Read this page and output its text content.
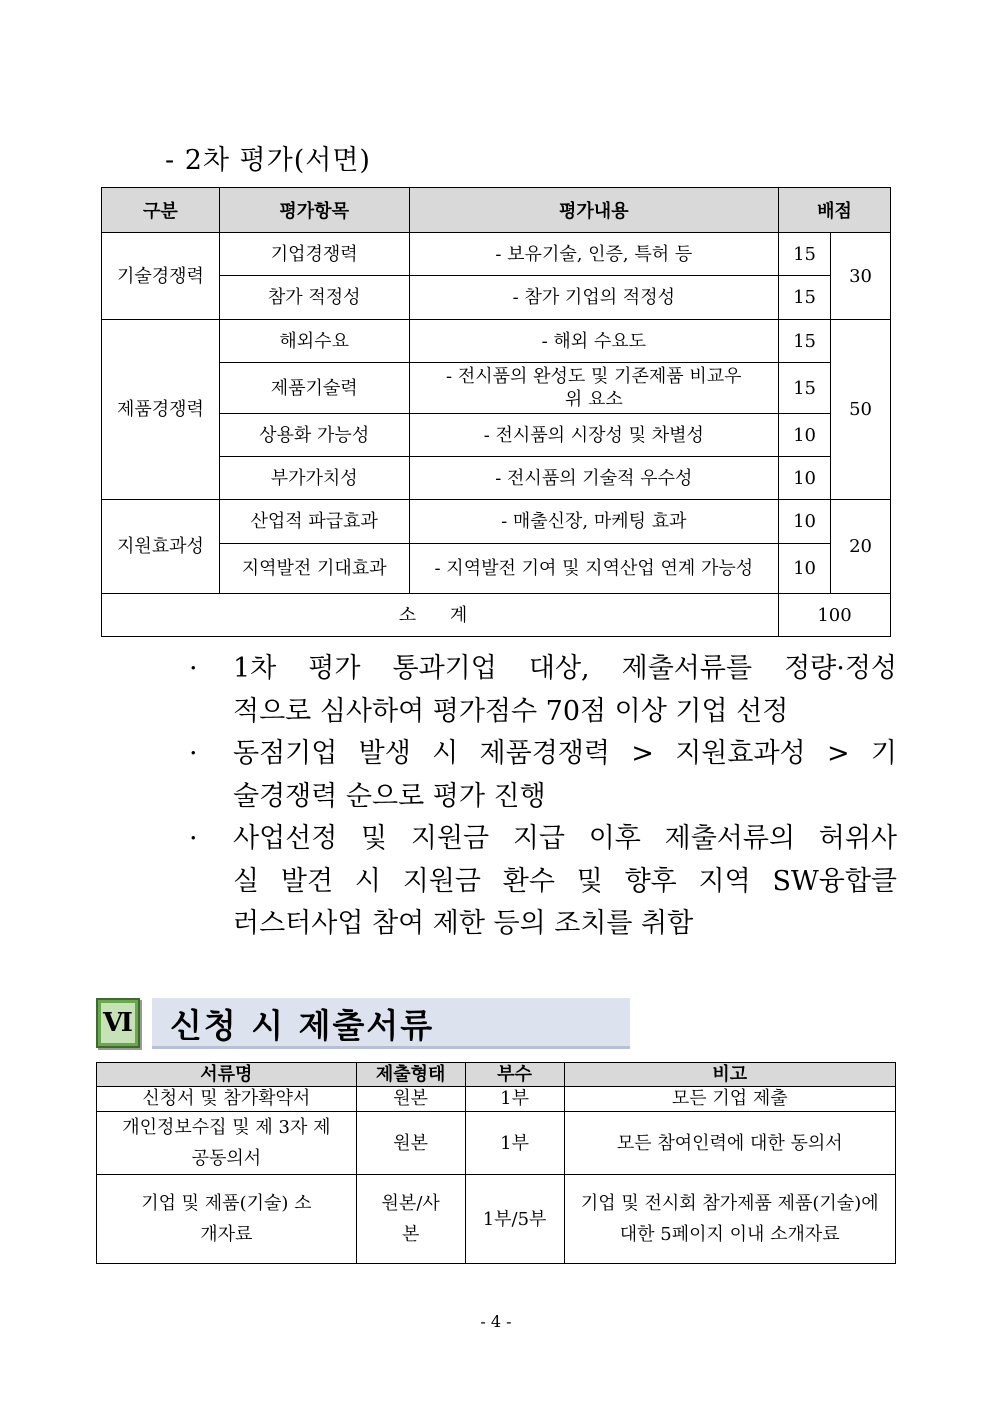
- 2차 평가(서면)
구분	평가항목	평가내용	배점	
기술경쟁력	기업경쟁력	- 보유기술, 인증, 특허 등	15	30
	참가 적정성	- 참가 기업의 적정성	15	
제품경쟁력	해외수요	- 해외 수요도	15	50
	제품기술력	- 전시품의 완성도 및 기존제품 비교우위 요소	15	
	상용화 가능성	- 전시품의 시장성 및 차별성	10	
	부가가치성	- 전시품의 기술적 우수성	10	
지원효과성	산업적 파급효과	- 매출신장, 마케팅 효과	10	20
	지역발전 기대효과	- 지역발전 기여 및 지역산업 연계 가능성	10	
소 계			100	
·	1차 평가 통과기업 대상, 제출서류를 정량·정성
적으로 심사하여 평가점수 70점 이상 기업 선정
·	동점기업 발생 시 제품경쟁력 > 지원효과성 > 기
술경쟁력 순으로 평가 진행
·	사업선정 및 지원금 지급 이후 제출서류의 허위사
실 발견 시 지원금 환수 및 향후 지역 SW융합클
러스터사업 참여 제한 등의 조치를 취함
Ⅵ 신청 시 제출서류
서류명	제출형태	부수	비고
신청서 및 참가확약서	원본	1부	모든 기업 제출
개인정보수집 및 제 3자 제공동의서	원본	1부	모든 참여인력에 대한 동의서
기업 및 제품(기술) 소개자료	원본/사본	1부/5부	기업 및 전시회 참가제품 제품(기술)에 대한 5페이지 이내 소개자료
- 4 -
